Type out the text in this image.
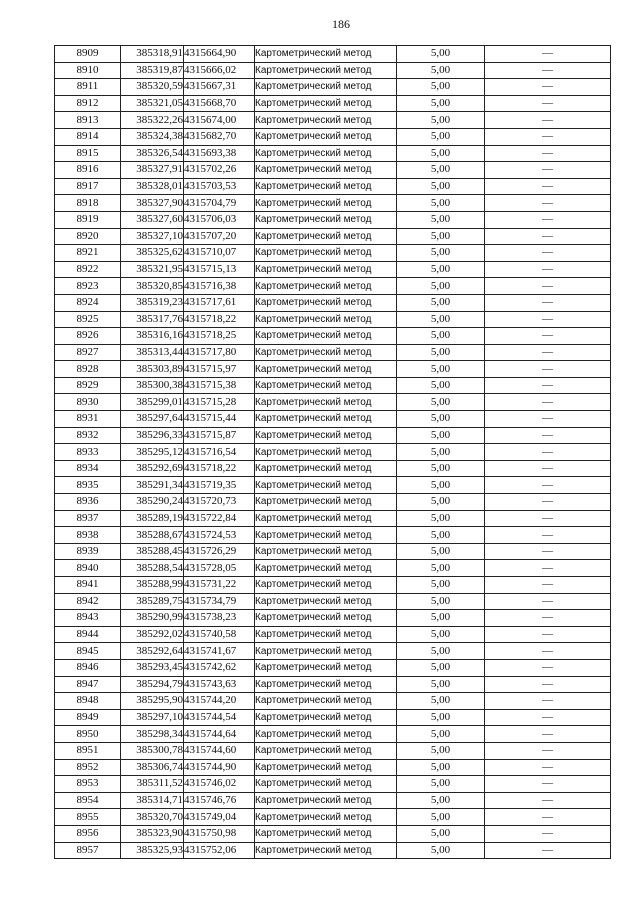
186
8909	385318,91	4315664,90	Картометрический метод	5,00	—
8910	385319,87	4315666,02	Картометрический метод	5,00	—
8911	385320,59	4315667,31	Картометрический метод	5,00	—
8912	385321,05	4315668,70	Картометрический метод	5,00	—
8913	385322,26	4315674,00	Картометрический метод	5,00	—
8914	385324,38	4315682,70	Картометрический метод	5,00	—
8915	385326,54	4315693,38	Картометрический метод	5,00	—
8916	385327,91	4315702,26	Картометрический метод	5,00	—
8917	385328,01	4315703,53	Картометрический метод	5,00	—
8918	385327,90	4315704,79	Картометрический метод	5,00	—
8919	385327,60	4315706,03	Картометрический метод	5,00	—
8920	385327,10	4315707,20	Картометрический метод	5,00	—
8921	385325,62	4315710,07	Картометрический метод	5,00	—
8922	385321,95	4315715,13	Картометрический метод	5,00	—
8923	385320,85	4315716,38	Картометрический метод	5,00	—
8924	385319,23	4315717,61	Картометрический метод	5,00	—
8925	385317,76	4315718,22	Картометрический метод	5,00	—
8926	385316,16	4315718,25	Картометрический метод	5,00	—
8927	385313,44	4315717,80	Картометрический метод	5,00	—
8928	385303,89	4315715,97	Картометрический метод	5,00	—
8929	385300,38	4315715,38	Картометрический метод	5,00	—
8930	385299,01	4315715,28	Картометрический метод	5,00	—
8931	385297,64	4315715,44	Картометрический метод	5,00	—
8932	385296,33	4315715,87	Картометрический метод	5,00	—
8933	385295,12	4315716,54	Картометрический метод	5,00	—
8934	385292,69	4315718,22	Картометрический метод	5,00	—
8935	385291,34	4315719,35	Картометрический метод	5,00	—
8936	385290,24	4315720,73	Картометрический метод	5,00	—
8937	385289,19	4315722,84	Картометрический метод	5,00	—
8938	385288,67	4315724,53	Картометрический метод	5,00	—
8939	385288,45	4315726,29	Картометрический метод	5,00	—
8940	385288,54	4315728,05	Картометрический метод	5,00	—
8941	385288,99	4315731,22	Картометрический метод	5,00	—
8942	385289,75	4315734,79	Картометрический метод	5,00	—
8943	385290,99	4315738,23	Картометрический метод	5,00	—
8944	385292,02	4315740,58	Картометрический метод	5,00	—
8945	385292,64	4315741,67	Картометрический метод	5,00	—
8946	385293,45	4315742,62	Картометрический метод	5,00	—
8947	385294,79	4315743,63	Картометрический метод	5,00	—
8948	385295,90	4315744,20	Картометрический метод	5,00	—
8949	385297,10	4315744,54	Картометрический метод	5,00	—
8950	385298,34	4315744,64	Картометрический метод	5,00	—
8951	385300,78	4315744,60	Картометрический метод	5,00	—
8952	385306,74	4315744,90	Картометрический метод	5,00	—
8953	385311,52	4315746,02	Картометрический метод	5,00	—
8954	385314,71	4315746,76	Картометрический метод	5,00	—
8955	385320,70	4315749,04	Картометрический метод	5,00	—
8956	385323,90	4315750,98	Картометрический метод	5,00	—
8957	385325,93	4315752,06	Картометрический метод	5,00	—
